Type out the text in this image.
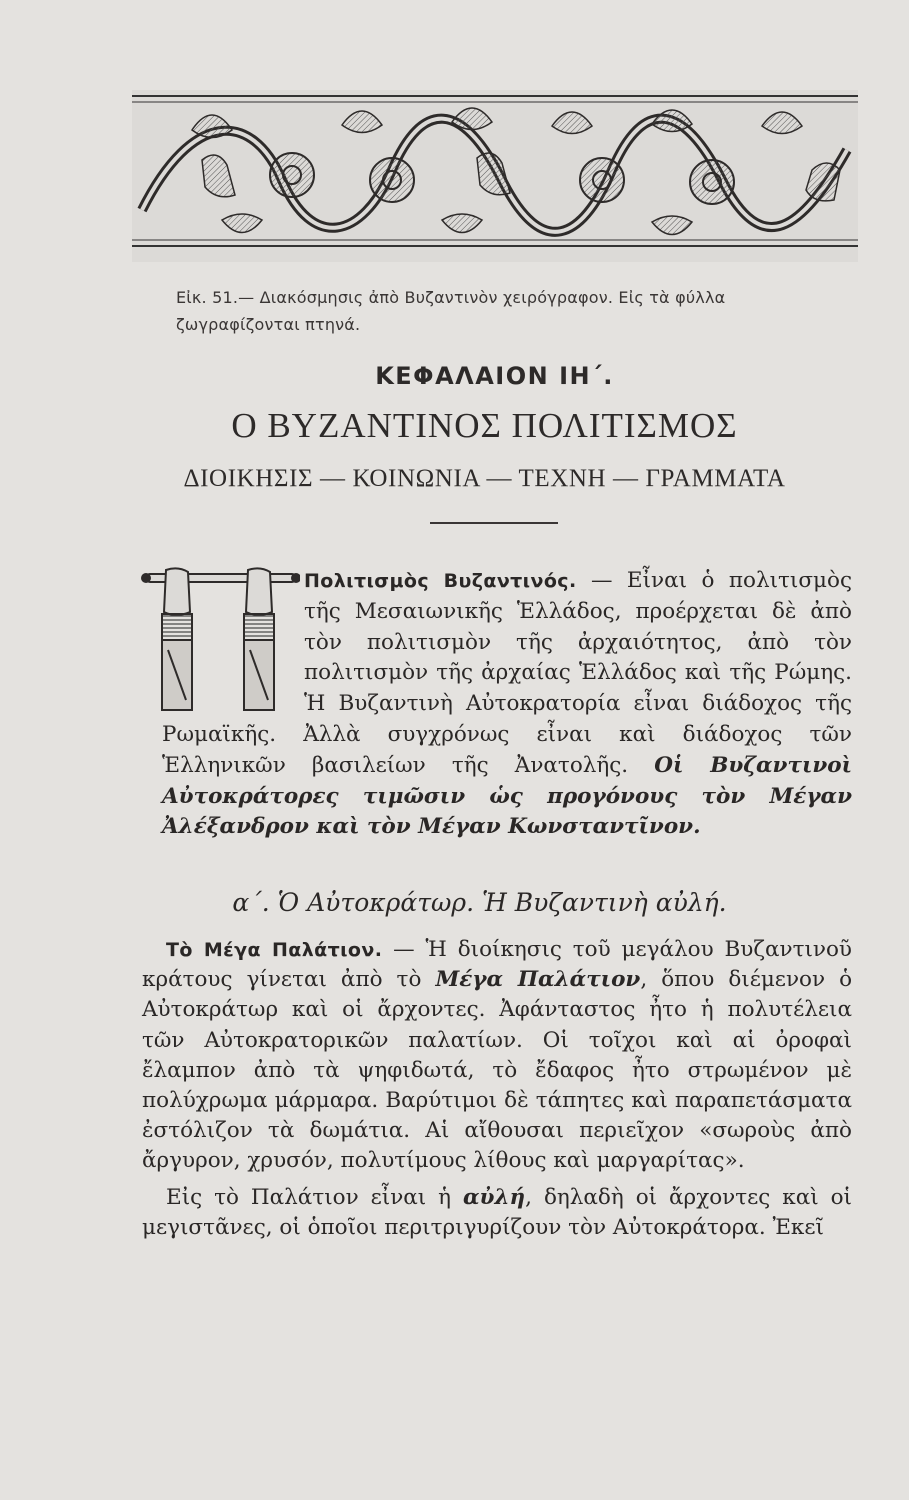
Εἰκ. 51.— Διακόσμησις ἀπὸ Βυζαντινὸν χειρόγραφον. Εἰς τὰ φύλλα
ζωγραφίζονται πτηνά.
ΚΕΦΑΛΑΙΟΝ ΙΗ΄.
Ο ΒΥΖΑΝΤΙΝΟΣ ΠΟΛΙΤΙΣΜΟΣ
ΔΙΟΙΚΗΣΙΣ — ΚΟΙΝΩΝΙΑ — ΤΕΧΝΗ — ΓΡΑΜΜΑΤΑ

Πολιτισμὸς Βυζαντινός. — Εἶναι ὁ πολιτισμὸς τῆς Μεσαιωνικῆς Ἑλλάδος, προέρχεται δὲ ἀπὸ τὸν πολιτισμὸν τῆς ἀρχαιότητος, ἀπὸ τὸν πολιτισμὸν τῆς ἀρχαίας Ἑλλάδος καὶ τῆς Ρώμης. Ἡ Βυζαντινὴ Αὐτοκρατορία εἶναι διάδοχος τῆς Ρωμαϊκῆς. Ἀλλὰ συγχρόνως εἶναι καὶ διάδοχος τῶν Ἑλληνικῶν βασιλείων τῆς Ἀνατολῆς. Οἱ Βυζαντινοὶ Αὐτοκράτορες τιμῶσιν ὡς προγόνους τὸν Μέγαν Ἀλέξανδρον καὶ τὸν Μέγαν Κωνσταντῖνον.

α΄. Ὁ Αὐτοκράτωρ. Ἡ Βυζαντινὴ αὐλή.

Τὸ Μέγα Παλάτιον. — Ἡ διοίκησις τοῦ μεγάλου Βυζαντινοῦ κράτους γίνεται ἀπὸ τὸ Μέγα Παλάτιον, ὅπου διέμενον ὁ Αὐτοκράτωρ καὶ οἱ ἄρχοντες. Ἀφάνταστος ἦτο ἡ πολυτέλεια τῶν Αὐτοκρατορικῶν παλατίων. Οἱ τοῖχοι καὶ αἱ ὀροφαὶ ἔλαμπον ἀπὸ τὰ ψηφιδωτά, τὸ ἔδαφος ἦτο στρωμένον μὲ πολύχρωμα μάρμαρα. Βαρύτιμοι δὲ τάπητες καὶ παραπετάσματα ἐστόλιζον τὰ δωμάτια. Αἱ αἴθουσαι περιεῖχον «σωροὺς ἀπὸ ἄργυρον, χρυσόν, πολυτίμους λίθους καὶ μαργαρίτας».

Εἰς τὸ Παλάτιον εἶναι ἡ αὐλή, δηλαδὴ οἱ ἄρχοντες καὶ οἱ μεγιστᾶνες, οἱ ὁποῖοι περιτριγυρίζουν τὸν Αὐτοκράτορα. Ἐκεῖ
